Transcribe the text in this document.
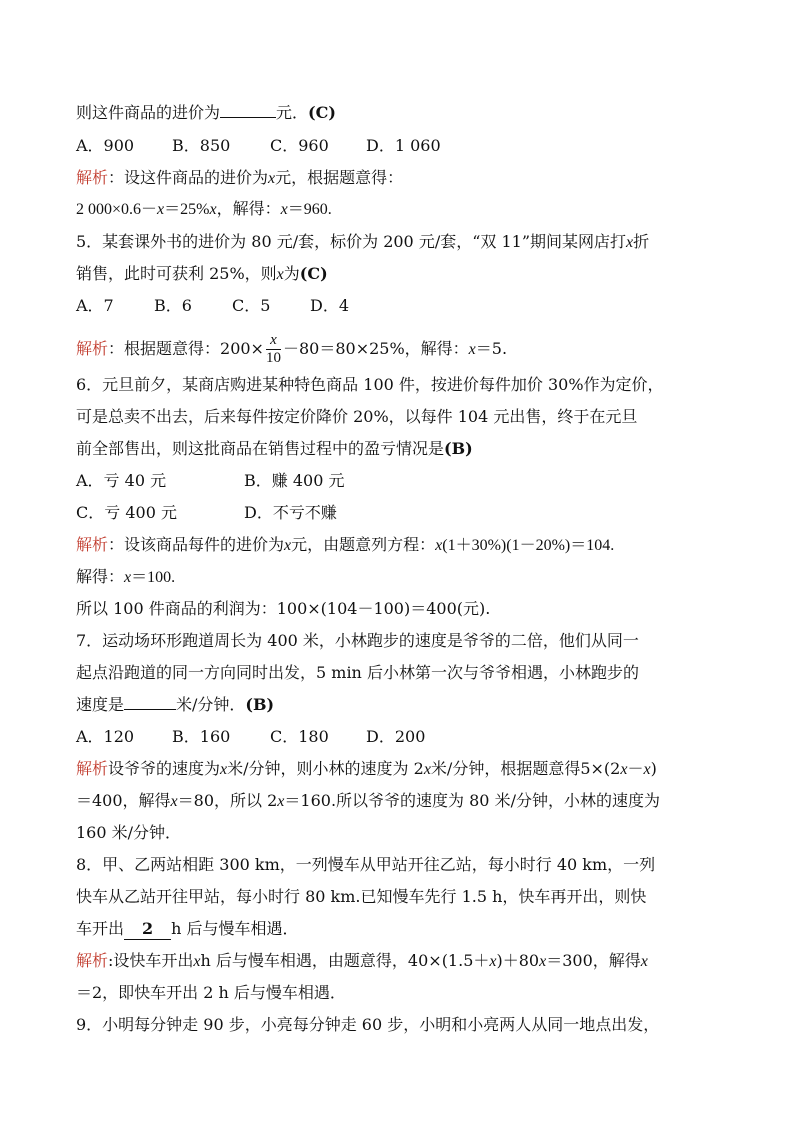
则这件商品的进价为	元．(C)
A．900 B．850 C．960 D．1 060
解析：设这件商品的进价为x元，根据题意得：
2 000×0.6－x＝25%x，解得：x＝960.
5．某套课外书的进价为 80 元/套，标价为 200 元/套，“双 11”期间某网店打x折
销售，此时可获利 25%，则x为(C)
A．7	B．6	C．5 D．4
解析：根据题意得：$200\times \frac{x}{10} -80=80\times 25\%$，解得：x＝5.
6．元旦前夕，某商店购进某种特色商品 100 件，按进价每件加价 30%作为定价，
可是总卖不出去，后来每件按定价降价 20%，以每件 104 元出售，终于在元旦
前全部售出，则这批商品在销售过程中的盈亏情况是(B)
A．亏 40 元	B．赚 400 元
C．亏 400 元	D．不亏不赚
解析：设该商品每件的进价为x元，由题意列方程：x(1＋30%)(1－20%)＝104.
解得：x＝100.
所以 100 件商品的利润为：100×(104－100)＝400(元).
7．运动场环形跑道周长为 400 米，小林跑步的速度是爷爷的二倍，他们从同一
起点沿跑道的同一方向同时出发，5 min 后小林第一次与爷爷相遇，小林跑步的
速度是	米/分钟．(B)
A．120 B．160 C．180 D．200
解析设爷爷的速度为x米/分钟，则小林的速度为 2x米/分钟，根据题意得5×(2x－x)
＝400，解得x＝80，所以 2x＝160.所以爷爷的速度为 80 米/分钟，小林的速度为
160 米/分钟．
8．甲、乙两站相距 300 km，一列慢车从甲站开往乙站，每小时行 40 km，一列
快车从乙站开往甲站，每小时行 80 km.已知慢车先行 1.5 h，快车再开出，则快
车开出 2 h 后与慢车相遇．
解析:设快车开出xh 后与慢车相遇，由题意得，40×(1.5＋x)＋80x＝300，解得x
＝2，即快车开出 2 h 后与慢车相遇．
9．小明每分钟走 90 步，小亮每分钟走 60 步，小明和小亮两人从同一地点出发，
